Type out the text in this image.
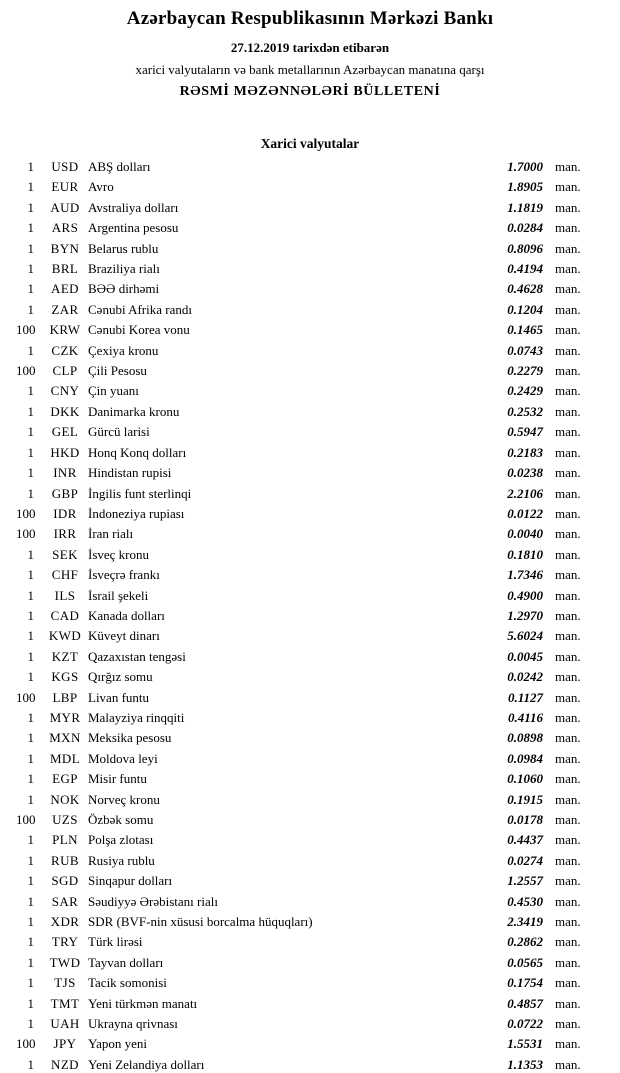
Azərbaycan Respublikasının Mərkəzi Bankı
27.12.2019 tarixdən etibarən
xarici valyutaların və bank metallarının Azərbaycan manatına qarşı
RƏSMİ MƏZƏNNƏLƏRİ BÜLLETENİ
Xarici valyutalar
1	USD	ABŞ dolları	1.7000	man.
1	EUR	Avro	1.8905	man.
1	AUD	Avstraliya dolları	1.1819	man.
1	ARS	Argentina pesosu	0.0284	man.
1	BYN	Belarus rublu	0.8096	man.
1	BRL	Braziliya rialı	0.4194	man.
1	AED	BƏƏ dirhəmi	0.4628	man.
1	ZAR	Cənubi Afrika randı	0.1204	man.
100	KRW	Cənubi Korea vonu	0.1465	man.
1	CZK	Çexiya kronu	0.0743	man.
100	CLP	Çili Pesosu	0.2279	man.
1	CNY	Çin yuanı	0.2429	man.
1	DKK	Danimarka kronu	0.2532	man.
1	GEL	Gürcü larisi	0.5947	man.
1	HKD	Honq Konq dolları	0.2183	man.
1	INR	Hindistan rupisi	0.0238	man.
1	GBP	İngilis funt sterlinqi	2.2106	man.
100	IDR	İndoneziya rupiası	0.0122	man.
100	IRR	İran rialı	0.0040	man.
1	SEK	İsveç kronu	0.1810	man.
1	CHF	İsveçrə frankı	1.7346	man.
1	ILS	İsrail şekeli	0.4900	man.
1	CAD	Kanada dolları	1.2970	man.
1	KWD	Küveyt dinarı	5.6024	man.
1	KZT	Qazaxıstan tengəsi	0.0045	man.
1	KGS	Qırğız somu	0.0242	man.
100	LBP	Livan funtu	0.1127	man.
1	MYR	Malayziya rinqqiti	0.4116	man.
1	MXN	Meksika pesosu	0.0898	man.
1	MDL	Moldova leyi	0.0984	man.
1	EGP	Misir funtu	0.1060	man.
1	NOK	Norveç kronu	0.1915	man.
100	UZS	Özbək somu	0.0178	man.
1	PLN	Polşa zlotası	0.4437	man.
1	RUB	Rusiya rublu	0.0274	man.
1	SGD	Sinqapur dolları	1.2557	man.
1	SAR	Səudiyyə Ərəbistanı rialı	0.4530	man.
1	XDR	SDR (BVF-nin xüsusi borcalma hüquqları)	2.3419	man.
1	TRY	Türk lirəsi	0.2862	man.
1	TWD	Tayvan dolları	0.0565	man.
1	TJS	Tacik somonisi	0.1754	man.
1	TMT	Yeni türkmən manatı	0.4857	man.
1	UAH	Ukrayna qrivnası	0.0722	man.
100	JPY	Yapon yeni	1.5531	man.
1	NZD	Yeni Zelandiya dolları	1.1353	man.
